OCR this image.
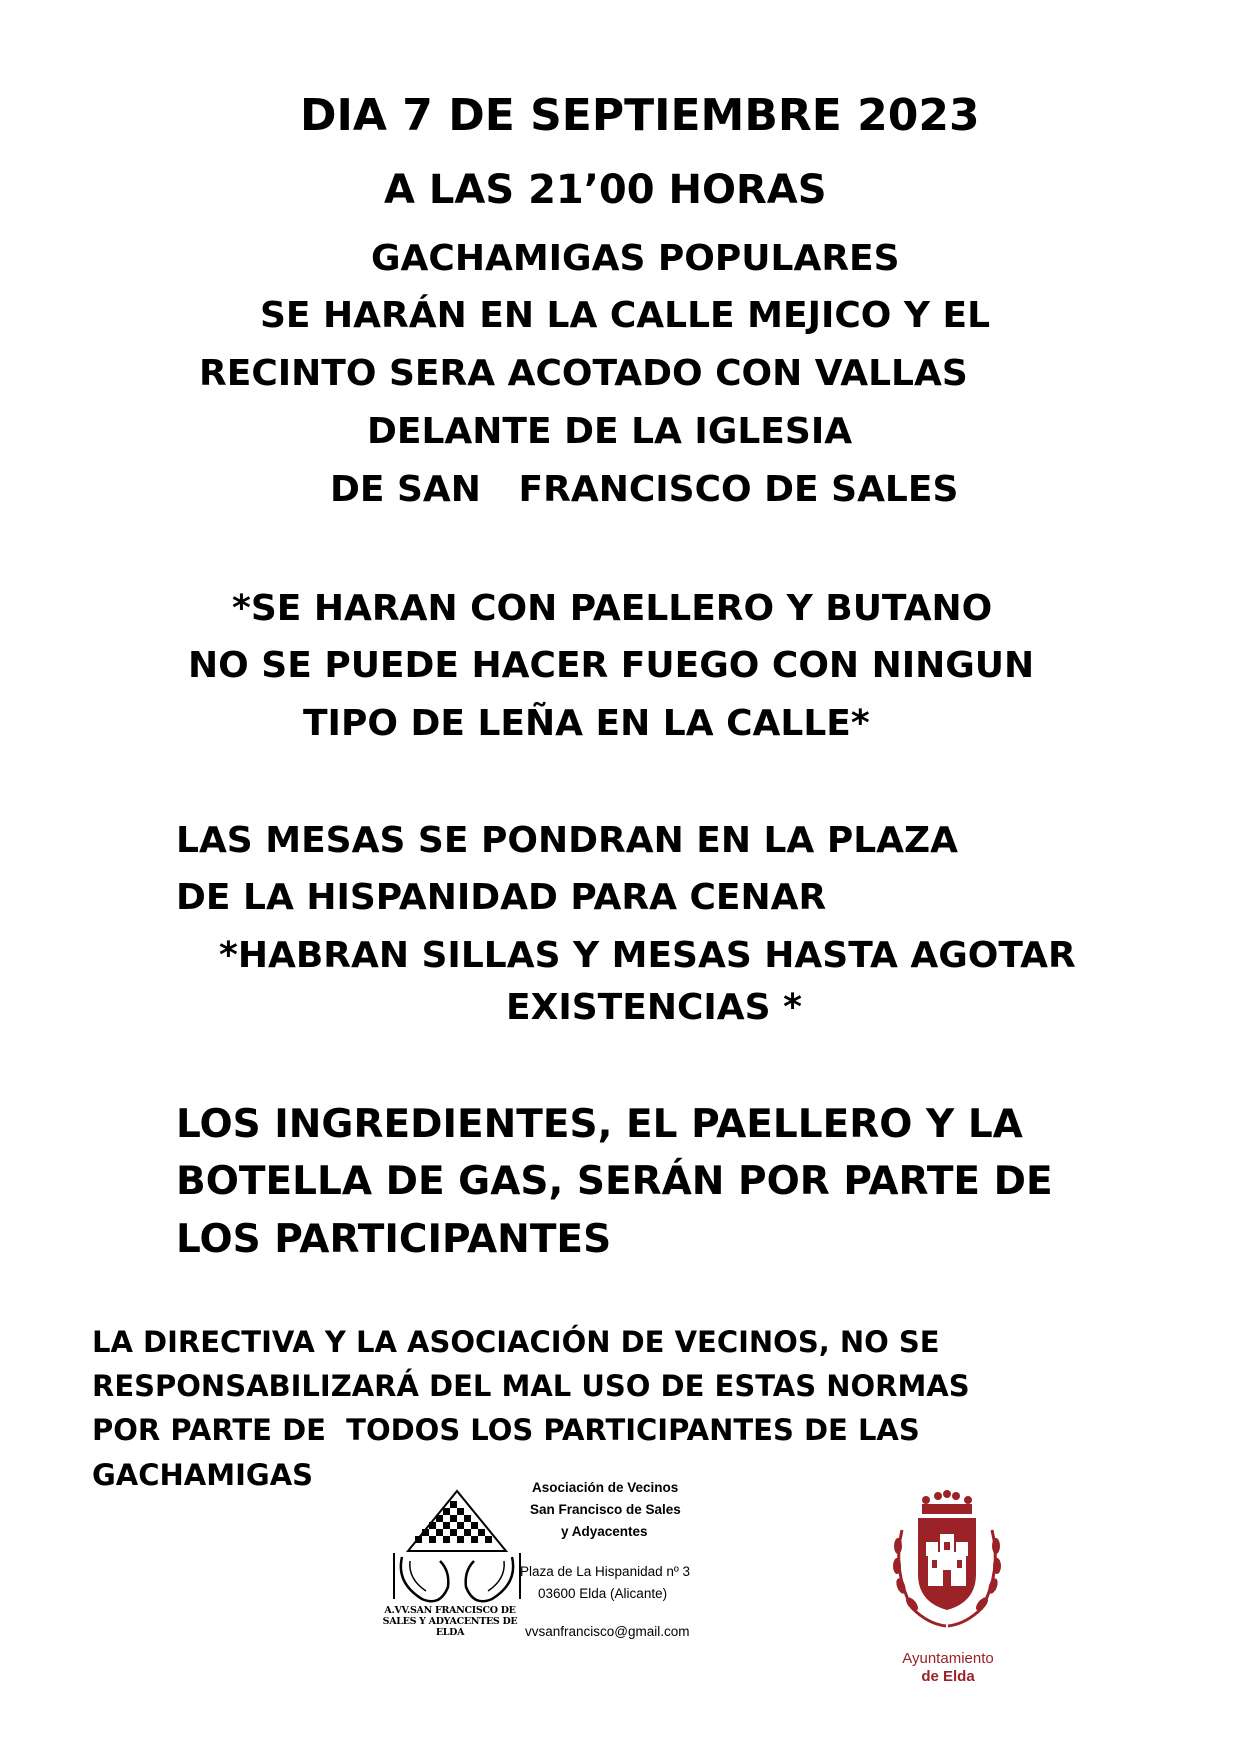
DIA 7 DE SEPTIEMBRE 2023
A LAS 21’00 HORAS
GACHAMIGAS POPULARES
SE HARÁN EN LA CALLE MEJICO Y EL
RECINTO SERA ACOTADO CON VALLAS
DELANTE DE LA IGLESIA
DE SAN   FRANCISCO DE SALES
*SE HARAN CON PAELLERO Y BUTANO
NO SE PUEDE HACER FUEGO CON NINGUN
TIPO DE LEÑA EN LA CALLE*
LAS MESAS SE PONDRAN EN LA PLAZA
DE LA HISPANIDAD PARA CENAR
*HABRAN SILLAS Y MESAS HASTA AGOTAR
EXISTENCIAS *
LOS INGREDIENTES, EL PAELLERO Y LA
BOTELLA DE GAS, SERÁN POR PARTE DE
LOS PARTICIPANTES
LA DIRECTIVA Y LA ASOCIACIÓN DE VECINOS, NO SE
RESPONSABILIZARÁ DEL MAL USO DE ESTAS NORMAS
POR PARTE DE  TODOS LOS PARTICIPANTES DE LAS
GACHAMIGAS
A.VV.SAN FRANCISCO DE SALES Y ADYACENTES DE ELDA
Asociación de Vecinos
San Francisco de Sales
y Adyacentes
Plaza de La Hispanidad nº 3
03600 Elda (Alicante)
vvsanfrancisco@gmail.com
Ayuntamiento
de Elda
